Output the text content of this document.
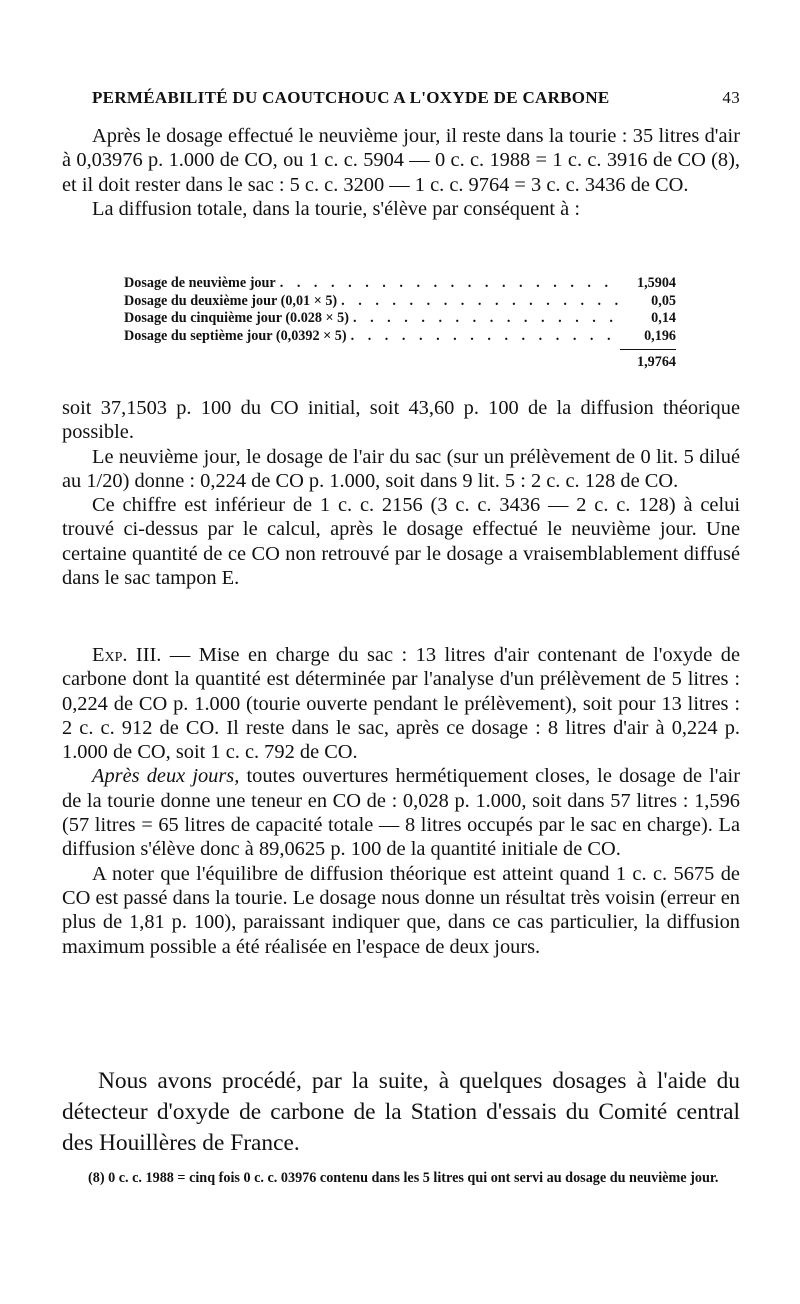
PERMÉABILITÉ DU CAOUTCHOUC A L'OXYDE DE CARBONE	43

Après le dosage effectué le neuvième jour, il reste dans la tourie : 35 litres d'air à 0,03976 p. 1.000 de CO, ou 1 c. c. 5904 — 0 c. c. 1988 = 1 c. c. 3916 de CO (8), et il doit rester dans le sac : 5 c. c. 3200 — 1 c. c. 9764 = 3 c. c. 3436 de CO.

La diffusion totale, dans la tourie, s'élève par conséquent à :

Dosage de neuvième jour . . .	1,5904
Dosage du deuxième jour (0,01 × 5) . . .	0,05
Dosage du cinquième jour (0.028 × 5) . . .	0,14
Dosage du septième jour (0,0392 × 5) . . .	0,196
1,9764

soit 37,1503 p. 100 du CO initial, soit 43,60 p. 100 de la diffusion théorique possible.

Le neuvième jour, le dosage de l'air du sac (sur un prélèvement de 0 lit. 5 dilué au 1/20) donne : 0,224 de CO p. 1.000, soit dans 9 lit. 5 : 2 c. c. 128 de CO.

Ce chiffre est inférieur de 1 c. c. 2156 (3 c. c. 3436 — 2 c. c. 128) à celui trouvé ci-dessus par le calcul, après le dosage effectué le neuvième jour. Une certaine quantité de ce CO non retrouvé par le dosage a vraisemblablement diffusé dans le sac tampon E.

Exp. III. — Mise en charge du sac : 13 litres d'air contenant de l'oxyde de carbone dont la quantité est déterminée par l'analyse d'un prélèvement de 5 litres : 0,224 de CO p. 1.000 (tourie ouverte pendant le prélèvement), soit pour 13 litres : 2 c. c. 912 de CO. Il reste dans le sac, après ce dosage : 8 litres d'air à 0,224 p. 1.000 de CO, soit 1 c. c. 792 de CO.

Après deux jours, toutes ouvertures hermétiquement closes, le dosage de l'air de la tourie donne une teneur en CO de : 0,028 p. 1.000, soit dans 57 litres : 1,596 (57 litres = 65 litres de capacité totale — 8 litres occupés par le sac en charge). La diffusion s'élève donc à 89,0625 p. 100 de la quantité initiale de CO.

A noter que l'équilibre de diffusion théorique est atteint quand 1 c. c. 5675 de CO est passé dans la tourie. Le dosage nous donne un résultat très voisin (erreur en plus de 1,81 p. 100), paraissant indiquer que, dans ce cas particulier, la diffusion maximum possible a été réalisée en l'espace de deux jours.

Nous avons procédé, par la suite, à quelques dosages à l'aide du détecteur d'oxyde de carbone de la Station d'essais du Comité central des Houillères de France.

(8) 0 c. c. 1988 = cinq fois 0 c. c. 03976 contenu dans les 5 litres qui ont servi au dosage du neuvième jour.
